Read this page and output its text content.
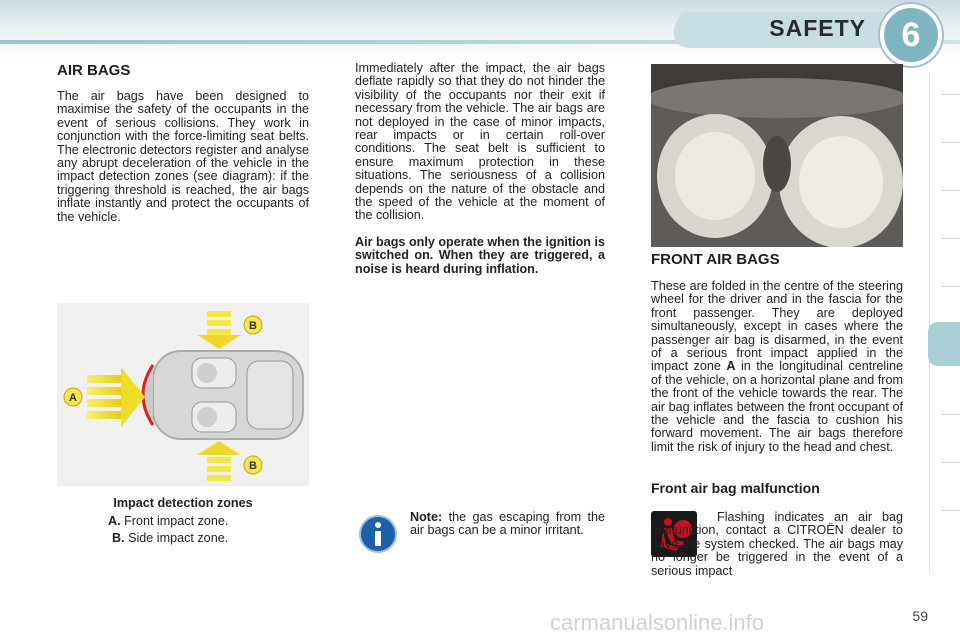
SAFETY	6
AIR BAGS
The air bags have been designed to maximise the safety of the occupants in the event of serious collisions. They work in conjunction with the force-limiting seat belts. The electronic detectors register and analyse any abrupt deceleration of the vehicle in the impact detection zones (see diagram): if the triggering threshold is reached, the air bags inflate instantly and protect the occupants of the vehicle.
A
B
B
Impact detection zones
A. Front impact zone.
B. Side impact zone.
Immediately after the impact, the air bags deflate rapidly so that they do not hinder the visibility of the occupants nor their exit if necessary from the vehicle. The air bags are not deployed in the case of minor impacts, rear impacts or in certain roll-over conditions. The seat belt is sufficient to ensure maximum protection in these situations. The seriousness of a collision depends on the nature of the obstacle and the speed of the vehicle at the moment of the collision.
Air bags only operate when the ignition is switched on. When they are triggered, a noise is heard during inflation.
Note: the gas escaping from the air bags can be a minor irritant.
FRONT AIR BAGS
These are folded in the centre of the steering wheel for the driver and in the fascia for the front passenger. They are deployed simultaneously, except in cases where the passenger air bag is disarmed, in the event of a serious front impact applied in the impact zone A in the longitudinal centreline of the vehicle, on a horizontal plane and from the front of the vehicle towards the rear. The air bag inflates between the front occupant of the vehicle and the fascia to cushion his forward movement. The air bags therefore limit the risk of injury to the head and chest.
Front air bag malfunction
Flashing indicates an air bag malfunction, contact a CITROËN dealer to have the system checked. The air bags may no longer be triggered in the event of a serious impact
carmanualsonline.info	59
